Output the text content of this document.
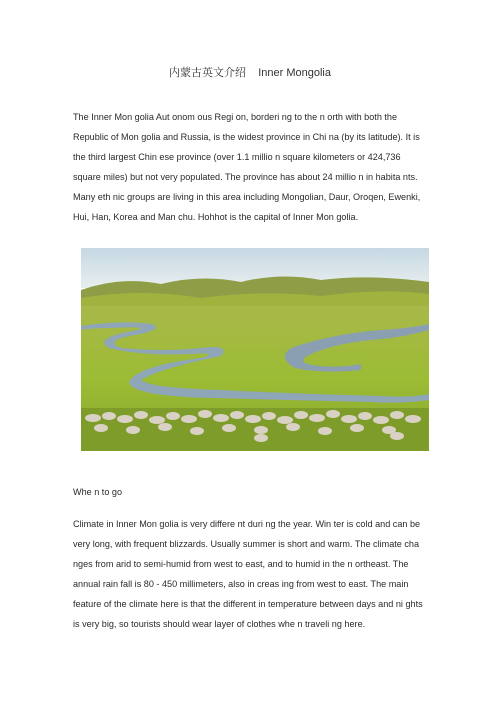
内蒙古英文介绍    Inner Mongolia
The Inner Mon golia Aut onom ous Regi on, borderi ng to the n orth with both the
Republic of Mon golia and Russia, is the widest province in Chi na (by its latitude). It is
the third largest Chin ese province (over 1.1 millio n square kilometers or 424,736
square miles) but not very populated. The province has about 24 millio n in habita nts.
Many eth nic groups are living in this area including Mongolian, Daur, Oroqen, Ewenki,
Hui, Han, Korea and Man chu. Hohhot is the capital of Inner Mon golia.
Whe n to go
Climate in Inner Mon golia is very differe nt duri ng the year. Win ter is cold and can be
very long, with frequent blizzards. Usually summer is short and warm. The climate cha
nges from arid to semi-humid from west to east, and to humid in the n ortheast. The
annual rain fall is 80 - 450 millimeters, also in creas ing from west to east. The main
feature of the climate here is that the different in temperature between days and ni ghts
is very big, so tourists should wear layer of clothes whe n traveli ng here.
